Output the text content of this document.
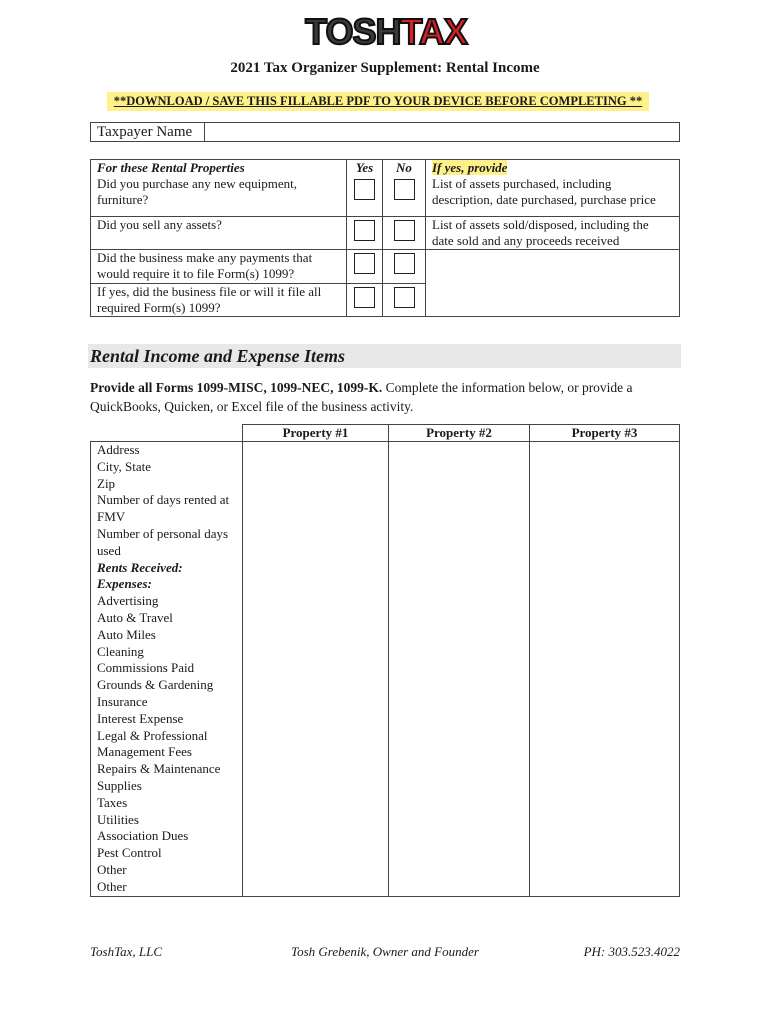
TOSHTAX
2021 Tax Organizer Supplement: Rental Income
**DOWNLOAD / SAVE THIS FILLABLE PDF TO YOUR DEVICE BEFORE COMPLETING **
Taxpayer Name
For these Rental Properties	Yes	No	If yes, provide
Did you purchase any new equipment, furniture?			List of assets purchased, including description, date purchased, purchase price
Did you sell any assets?			List of assets sold/disposed, including the date sold and any proceeds received
Did the business make any payments that would require it to file Form(s) 1099?			
If yes, did the business file or will it file all required Form(s) 1099?			
Rental Income and Expense Items
Provide all Forms 1099-MISC, 1099-NEC, 1099-K. Complete the information below, or provide a QuickBooks, Quicken, or Excel file of the business activity.
	Property #1	Property #2	Property #3
Address			
City, State			
Zip			
Number of days rented at FMV			
Number of personal days used			
Rents Received:			
Expenses:			
Advertising			
Auto & Travel			
Auto Miles			
Cleaning			
Commissions Paid			
Grounds & Gardening			
Insurance			
Interest Expense			
Legal & Professional			
Management Fees			
Repairs & Maintenance			
Supplies			
Taxes			
Utilities			
Association Dues			
Pest Control			
Other			
Other			
ToshTax, LLC	Tosh Grebenik, Owner and Founder	PH: 303.523.4022
